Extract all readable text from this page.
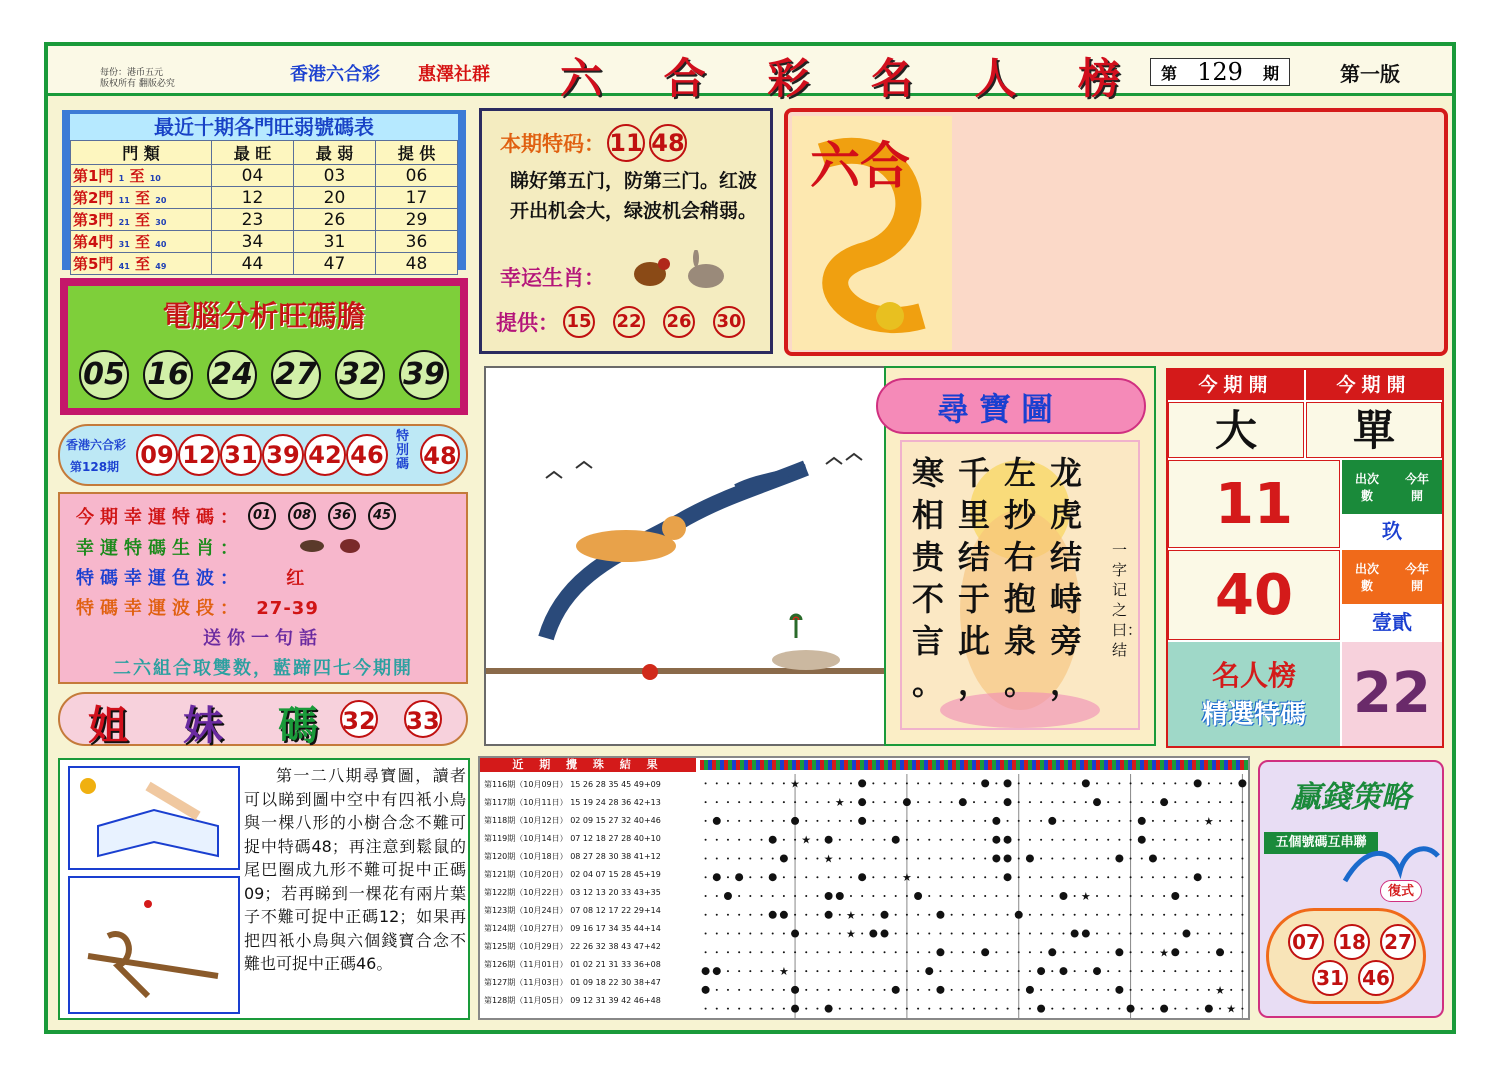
每份：港币五元
版权所有 翻版必究	香港六合彩 惠澤社群 六 合 彩 名 人 榜	第 129 期	第一版
最近十期各門旺弱號碼表
門 類	最 旺	最 弱	提 供
第1門 1 至 10	04	03	06
第2門 11 至 20	12	20	17
第3門 21 至 30	23	26	29
第4門 31 至 40	34	31	36
第5門 41 至 49	44	47	48
電腦分析旺碼膽
05 16 24 27 32 39
本期特码： 11 48
睇好第五门，防第三门。红波开出机会大，绿波机会稍弱。
幸运生肖：
提供： 15 22 26 30
六合
香港六合彩
第128期 09 12 31 39 42 46
特別碼 48
今期幸運特碼： 01	08	36	45
幸運特碼生肖：
特碼幸運色波： 红
特碼幸運波段： 27-39
送你一句話
二六組合取雙数，藍蹄四七今期開
姐 妹 碼 32 33
尋寶圖
龙
虎
结
峙
旁
，
左
抄
右
抱
泉
。
千
里
结
于
此
，
寒
相
贵
不
言
。
一字记之曰：结
今期開	今期開
大	單
11	出次	今年
數	開
玖
40	出次	今年
數	開
壹貳
名人榜
精選特碼 22
第一二八期尋寶圖，讀者可以睇到圖中空中有四衹小鳥與一棵八形的小樹合念不難可捉中特碼48；再注意到鬆鼠的尾巴圈成九形不難可捉中正碼09；若再睇到一棵花有兩片葉子不難可捉中正碼12；如果再把四衹小鳥與六個錢寶合念不難也可捉中正碼46。
近 期 攪 珠 結 果
第116期（10月09日） 15 26 28 35 45 49+09
第117期（10月11日） 15 19 24 28 36 42+13
第118期（10月12日） 02 09 15 27 32 40+46
第119期（10月14日） 07 12 18 27 28 40+10
第120期（10月18日） 08 27 28 30 38 41+12
第121期（10月20日） 02 04 07 15 28 45+19
第122期（10月22日） 03 12 13 20 33 43+35
第123期（10月24日） 07 08 12 17 22 29+14
第124期（10月27日） 09 16 17 34 35 44+14
第125期（10月29日） 22 26 32 38 43 47+42
第126期（11月01日） 01 02 21 31 33 36+08
第127期（11月03日） 01 09 18 22 30 38+47
第128期（11月05日） 09 12 31 39 42 46+48
★
★
★
★
★
★
★
★
★
★
★
★
★
贏錢策略
五個號碼互串聯
復式
07 18 27
31 46
